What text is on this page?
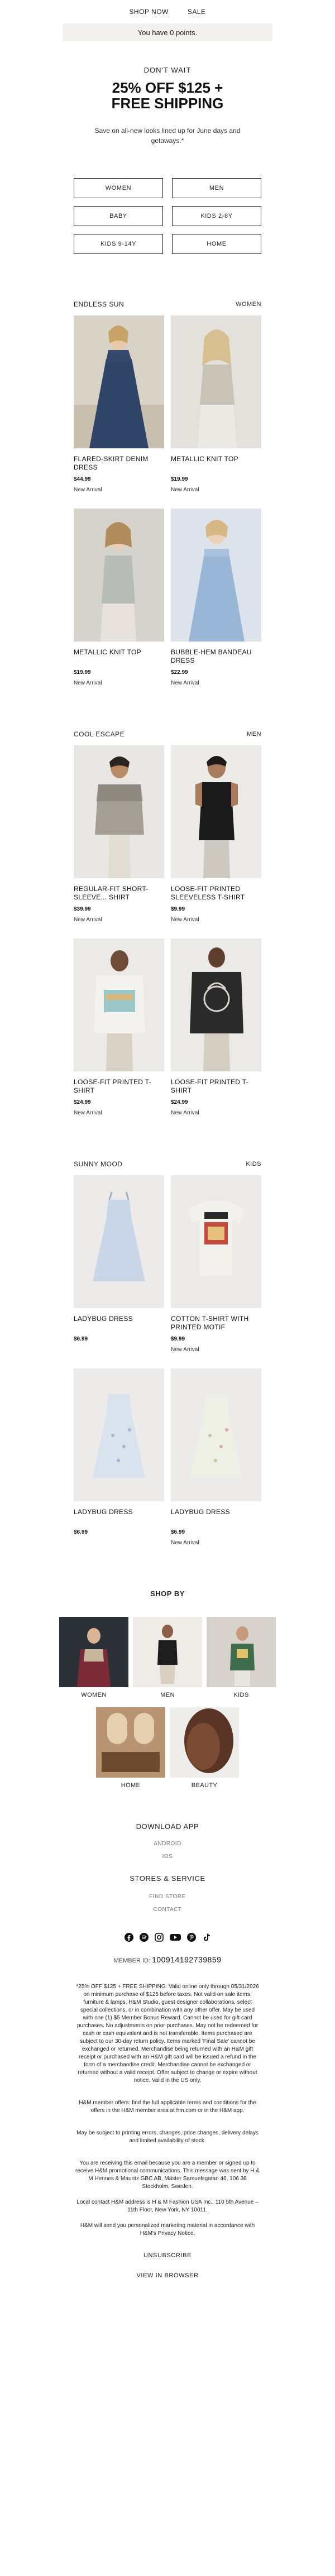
SHOP NOW	SALE
You have 0 points.
DON'T WAIT
25% OFF $125 +
FREE SHIPPING
Save on all-new looks lined up for June days and getaways.*
WOMEN	MEN
BABY	KIDS 2-8Y
KIDS 9-14Y	HOME
ENDLESS SUN	WOMEN
FLARED-SKIRT DENIM DRESS
$44.99
New Arrival
METALLIC KNIT TOP
$19.99
New Arrival
METALLIC KNIT TOP
$19.99
New Arrival
BUBBLE-HEM BANDEAU DRESS
$22.99
New Arrival
COOL ESCAPE	MEN
REGULAR-FIT SHORT-SLEEVE... SHIRT
$39.99
New Arrival
LOOSE-FIT PRINTED SLEEVELESS T-SHIRT
$9.99
New Arrival
LOOSE-FIT PRINTED T-SHIRT
$24.99
New Arrival
LOOSE-FIT PRINTED T-SHIRT
$24.99
New Arrival
SUNNY MOOD	KIDS
LADYBUG DRESS
$6.99
COTTON T-SHIRT WITH PRINTED MOTIF
$9.99
New Arrival
LADYBUG DRESS
$6.99
LADYBUG DRESS
$6.99
New Arrival
SHOP BY
WOMEN	MEN	KIDS
HOME	BEAUTY
DOWNLOAD APP
ANDROID
IOS
STORES & SERVICE
FIND STORE
CONTACT
MEMBER ID: 100914192739859
*25% OFF $125 + FREE SHIPPING: Valid online only through 05/31/2026 on minimum purchase of $125 before taxes. Not valid on sale items, furniture & lamps, H&M Studio, guest designer collaborations, select special collections, or in combination with any other offer. May be used with one (1) $5 Member Bonus Reward. Cannot be used for gift card purchases. No adjustments on prior purchases. May not be redeemed for cash or cash equivalent and is not transferable. Items purchased are subject to our 30-day return policy. Items marked 'Final Sale' cannot be exchanged or returned. Merchandise being returned with an H&M gift receipt or purchased with an H&M gift card will be issued a refund in the form of a merchandise credit. Merchandise cannot be exchanged or returned without a valid receipt. Offer subject to change or expire without notice. Valid in the US only.
H&M member offers: find the full applicable terms and conditions for the offers in the H&M member area at hm.com or in the H&M app.
May be subject to printing errors, changes, price changes, delivery delays and limited availability of stock.
You are receiving this email because you are a member or signed up to receive H&M promotional communications. This message was sent by H & M Hennes & Mauritz GBC AB, Mäster Samuelsgatan 46, 106 38 Stockholm, Sweden.
Local contact H&M address is H & M Fashion USA Inc., 110 5th Avenue – 11th Floor, New York, NY 10011.
H&M will send you personalized marketing material in accordance with H&M's Privacy Notice.
UNSUBSCRIBE
VIEW IN BROWSER
